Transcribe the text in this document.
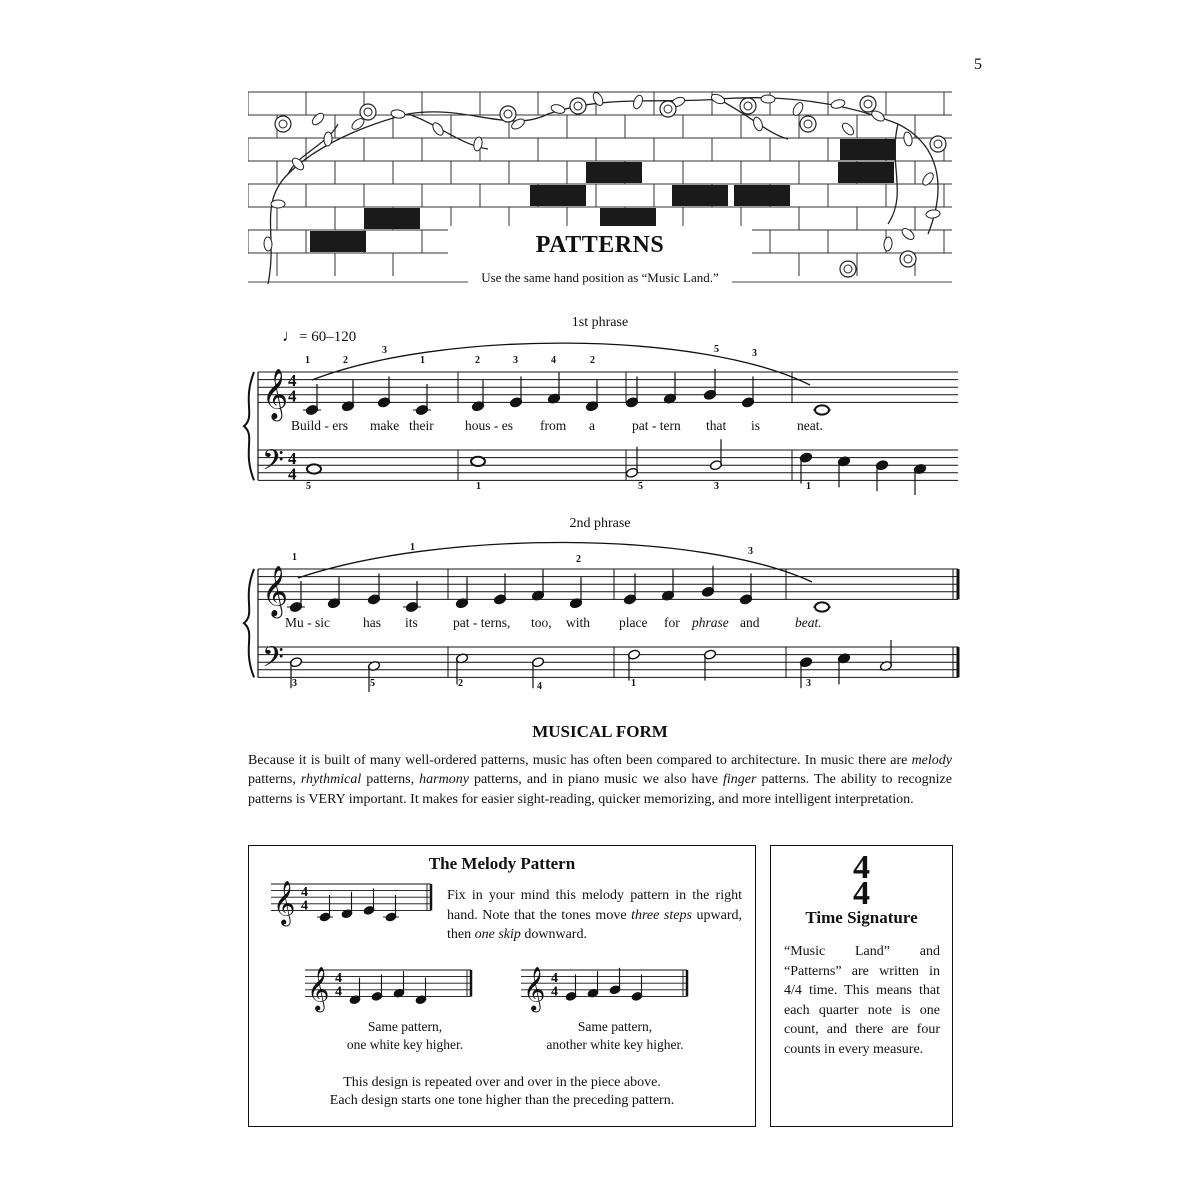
5
PATTERNS
Use the same hand position as “Music Land.”
1st phrase
2nd phrase
♩= 60–120
𝄞
𝄢
4
4
4
4
𝄞
𝄢
Build - ers make their hous - es from a	pat - tern that is	neat.
Mu - sic has its	pat - terns, too, with place for phrase and	beat.
1	2
3
1	2	3	4	2
5	3
5	1	5	3	1
1
1
2
3
3	5	2	4	1	3
MUSICAL FORM
Because it is built of many well-ordered patterns, music has often been compared to architecture. In music there are melody patterns, rhythmical patterns, harmony patterns, and in piano music we also have finger patterns. The ability to recognize patterns is VERY important. It makes for easier sight-reading, quicker memorizing, and more intelligent interpretation.
The Melody Pattern
Fix in your mind this melody pattern in the right hand. Note that the tones move three steps upward, then one skip downward.
Same pattern,
one white key higher.
Same pattern,
another white key higher.
This design is repeated over and over in the piece above.
Each design starts one tone higher than the preceding pattern.
𝄞 4
4
𝄞 4
4	𝄞 4
4
4
4
Time Signature
“Music Land” and “Patterns” are written in 4/4 time. This means that each quarter note is one count, and there are four counts in every measure.
